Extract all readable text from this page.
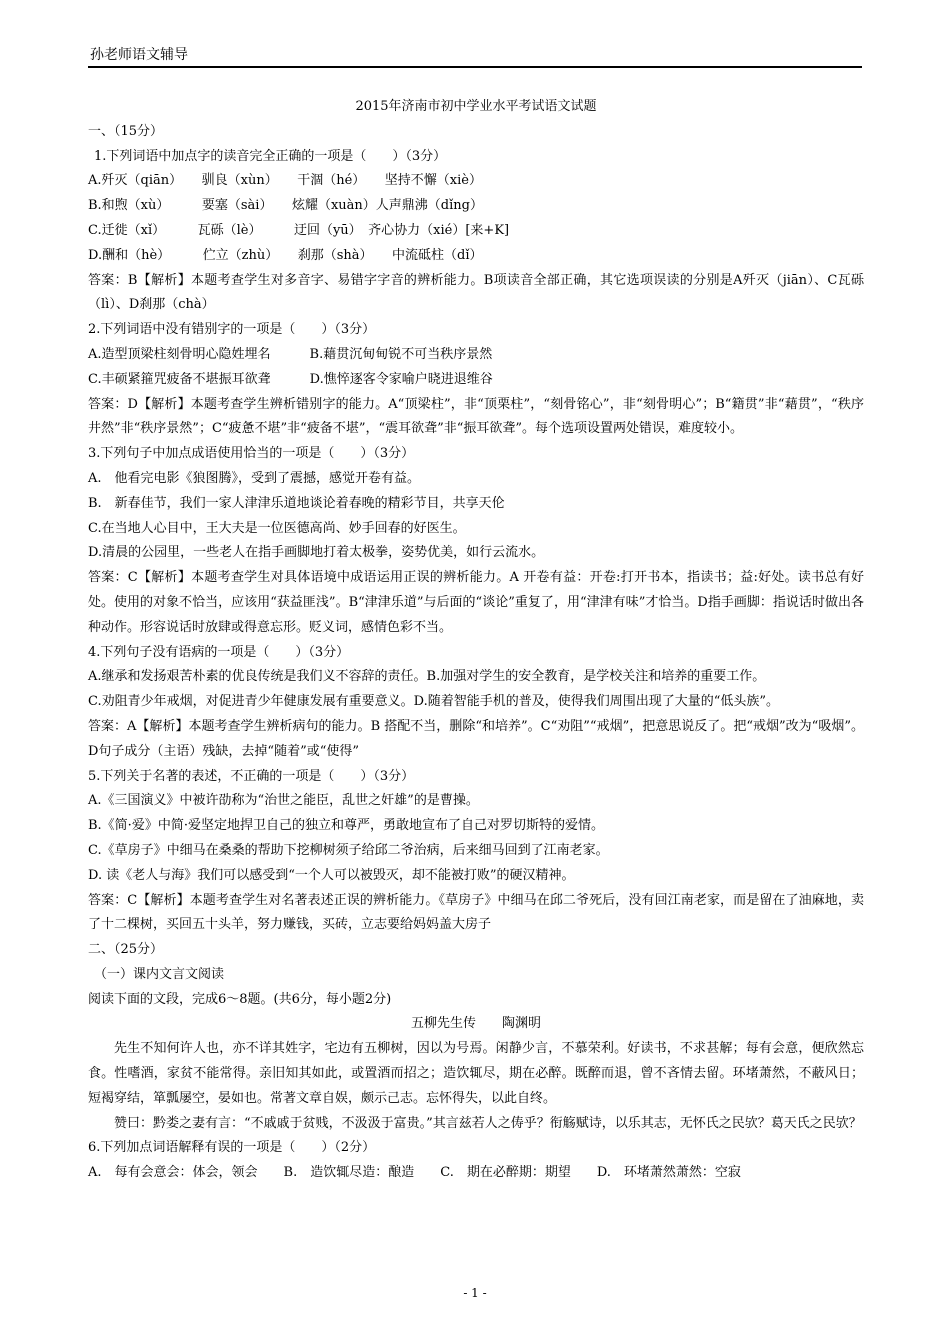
孙老师语文辅导
2015年济南市初中学业水平考试语文试题
一、（15分）
1.下列词语中加点字的读音完全正确的一项是（　　）（3分）
A.歼灭（qiān）　　驯良（xùn）　　干涸（hé）　　坚持不懈（xiè）
B.和煦（xù）　　　要塞（sài）　　炫耀（xuàn）人声鼎沸（dǐng）
C.迁徙（xǐ）　　　瓦砾（lè）　　　迂回（yū）　齐心协力（xié）[来+K]
D.酬和（hè）　　　伫立（zhù）　　刹那（shà）　　中流砥柱（dǐ）
答案：B【解析】本题考查学生对多音字、易错字字音的辨析能力。B项读音全部正确，其它选项误读的分别是A歼灭（jiān）、C瓦砾（lì）、D刹那（chà）
2.下列词语中没有错别字的一项是（　　）（3分）
A.造型顶梁柱刻骨明心隐姓埋名　　　B.藉贯沉甸甸锐不可当秩序景然
C.丰硕紧箍咒疲备不堪振耳欲聋　　　D.憔悴逐客令家喻户晓进退维谷
答案：D【解析】本题考查学生辨析错别字的能力。A“顶梁柱”，非“顶栗柱”，“刻骨铭心”，非“刻骨明心”；B“籍贯”非“藉贯”，“秩序井然”非“秩序景然”；C“疲惫不堪”非“疲备不堪”，“震耳欲聋”非“振耳欲聋”。每个选项设置两处错误，难度较小。
3.下列句子中加点成语使用恰当的一项是（　　）（3分）
A.　他看完电影《狼图腾》，受到了震撼，感觉开卷有益。
B.　新春佳节，我们一家人津津乐道地谈论着春晚的精彩节目，共享天伦
C.在当地人心目中，王大夫是一位医德高尚、妙手回春的好医生。
D.清晨的公园里，一些老人在指手画脚地打着太极拳，姿势优美，如行云流水。
答案：C【解析】本题考查学生对具体语境中成语运用正误的辨析能力。A 开卷有益：开卷:打开书本，指读书；益:好处。读书总有好处。使用的对象不恰当，应该用“获益匪浅”。B“津津乐道”与后面的“谈论”重复了，用“津津有味”才恰当。D指手画脚：指说话时做出各种动作。形容说话时放肆或得意忘形。贬义词，感情色彩不当。
4.下列句子没有语病的一项是（　　）（3分）
A.继承和发扬艰苦朴素的优良传统是我们义不容辞的责任。B.加强对学生的安全教育，是学校关注和培养的重要工作。
C.劝阻青少年戒烟，对促进青少年健康发展有重要意义。D.随着智能手机的普及，使得我们周围出现了大量的“低头族”。
答案：A【解析】本题考查学生辨析病句的能力。B 搭配不当，删除“和培养”。C“劝阻”“戒烟”，把意思说反了。把“戒烟”改为“吸烟”。D句子成分（主语）残缺，去掉“随着”或“使得”
5.下列关于名著的表述，不正确的一项是（　　）（3分）
A.《三国演义》中被许劭称为“治世之能臣，乱世之奸雄”的是曹操。
B.《简·爱》中简·爱坚定地捍卫自己的独立和尊严，勇敢地宣布了自己对罗切斯特的爱情。
C.《草房子》中细马在桑桑的帮助下挖柳树须子给邱二爷治病，后来细马回到了江南老家。
D. 读《老人与海》我们可以感受到“一个人可以被毁灭，却不能被打败”的硬汉精神。
答案：C【解析】本题考查学生对名著表述正误的辨析能力。《草房子》中细马在邱二爷死后，没有回江南老家，而是留在了油麻地，卖了十二棵树，买回五十头羊，努力赚钱，买砖，立志要给妈妈盖大房子
二、（25分）
（一）课内文言文阅读
阅读下面的文段，完成6～8题。(共6分，每小题2分)
五柳先生传　　陶渊明
先生不知何许人也，亦不详其姓字，宅边有五柳树，因以为号焉。闲静少言，不慕荣利。好读书，不求甚解；每有会意，便欣然忘食。性嗜酒，家贫不能常得。亲旧知其如此，或置酒而招之；造饮辄尽，期在必醉。既醉而退，曾不吝情去留。环堵萧然，不蔽风日；短褐穿结，箪瓢屡空，晏如也。常著文章自娱，颇示己志。忘怀得失，以此自终。
赞曰：黔娄之妻有言：“不戚戚于贫贱，不汲汲于富贵。”其言兹若人之俦乎？衔觞赋诗，以乐其志，无怀氏之民欤？葛天氏之民欤？
6.下列加点词语解释有误的一项是（　　）（2分）
A.　每有会意会：体会，领会　　B.　造饮辄尽造：酿造　　C.　期在必醉期：期望　　D.　环堵萧然萧然：空寂
- 1 -
